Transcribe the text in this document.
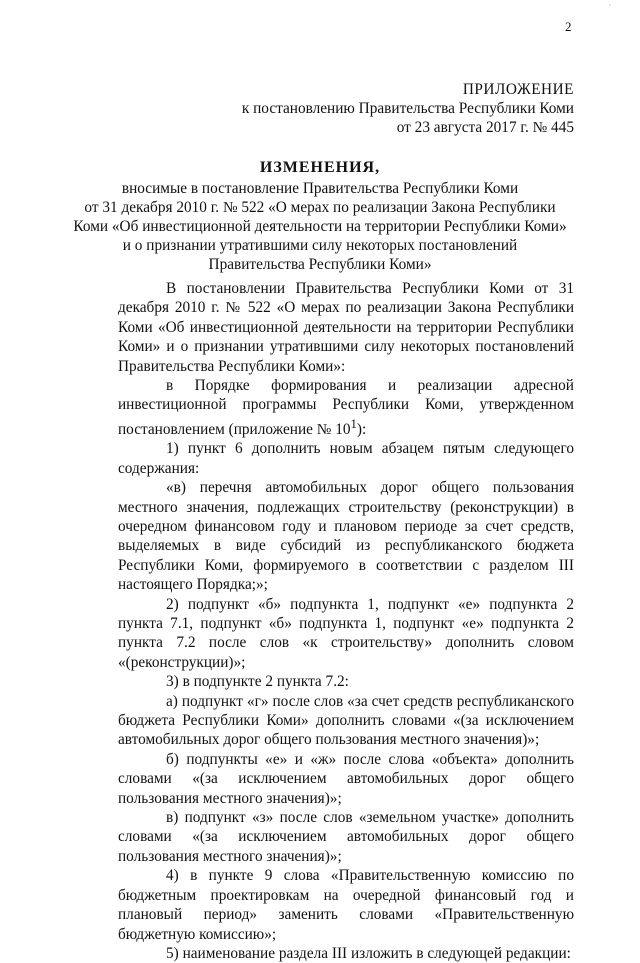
'
2
ПРИЛОЖЕНИЕ
к постановлению Правительства Республики Коми
от 23 августа 2017 г. № 445
ИЗМЕНЕНИЯ,
вносимые в постановление Правительства Республики Коми
от 31 декабря 2010 г. № 522 «О мерах по реализации Закона Республики
Коми «Об инвестиционной деятельности на территории Республики Коми»
и о признании утратившими силу некоторых постановлений
Правительства Республики Коми»

В постановлении Правительства Республики Коми от 31 декабря 2010 г. № 522 «О мерах по реализации Закона Республики Коми «Об инвестиционной деятельности на территории Республики Коми» и о признании утратившими силу некоторых постановлений Правительства Республики Коми»:

в Порядке формирования и реализации адресной инвестиционной программы Республики Коми, утвержденном постановлением (приложение № $10^1$):

1) пункт 6 дополнить новым абзацем пятым следующего содержания:

«в) перечня автомобильных дорог общего пользования местного значения, подлежащих строительству (реконструкции) в очередном финансовом году и плановом периоде за счет средств, выделяемых в виде субсидий из республиканского бюджета Республики Коми, формируемого в соответствии с разделом III настоящего Порядка;»;

2) подпункт «б» подпункта 1, подпункт «е» подпункта 2 пункта 7.1, подпункт «б» подпункта 1, подпункт «е» подпункта 2 пункта 7.2 после слов «к строительству» дополнить словом «(реконструкции)»;

3) в подпункте 2 пункта 7.2:

а) подпункт «г» после слов «за счет средств республиканского бюджета Республики Коми» дополнить словами «(за исключением автомобильных дорог общего пользования местного значения)»;

б) подпункты «е» и «ж» после слова «объекта» дополнить словами «(за исключением автомобильных дорог общего пользования местного значения)»;

в) подпункт «з» после слов «земельном участке» дополнить словами «(за исключением автомобильных дорог общего пользования местного значения)»;

4) в пункте 9 слова «Правительственную комиссию по бюджетным проектировкам на очередной финансовый год и плановый период» заменить словами «Правительственную бюджетную комиссию»;

5) наименование раздела III изложить в следующей редакции:
